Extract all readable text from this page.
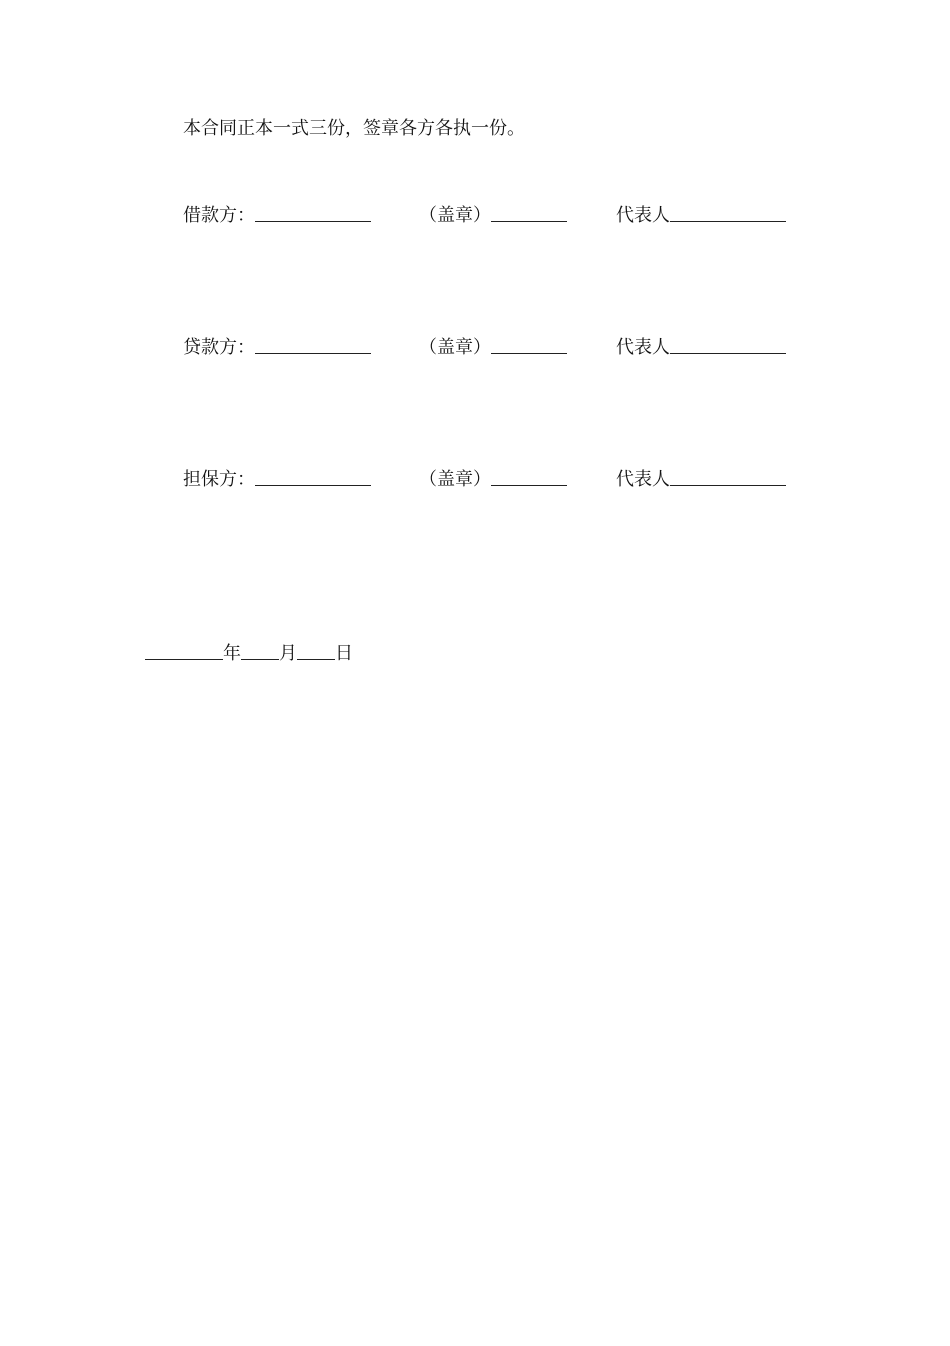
本合同正本一式三份，签章各方各执一份。
借款方：	（盖章）	代表人
贷款方：	（盖章）	代表人
担保方：	（盖章）	代表人
年 月 日
